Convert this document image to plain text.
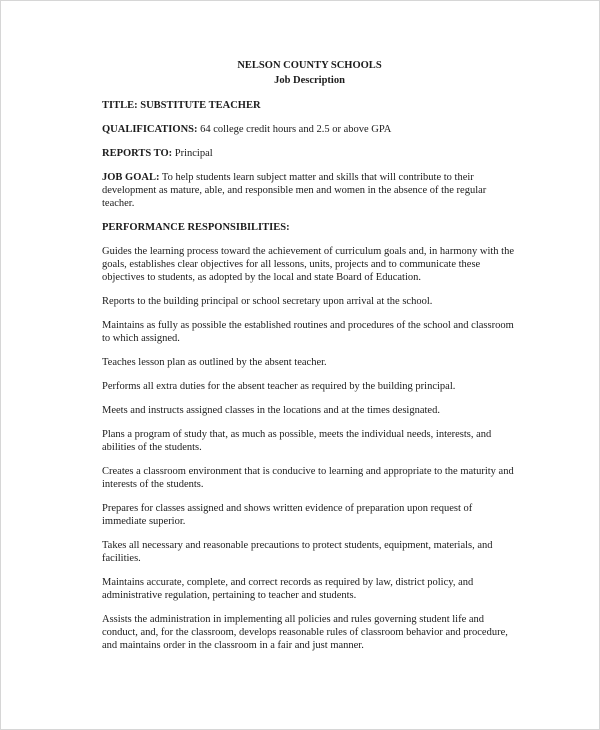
NELSON COUNTY SCHOOLS
Job Description

TITLE: SUBSTITUTE TEACHER

QUALIFICATIONS: 64 college credit hours and 2.5 or above GPA

REPORTS TO: Principal

JOB GOAL: To help students learn subject matter and skills that will contribute to their development as mature, able, and responsible men and women in the absence of the regular teacher.

PERFORMANCE RESPONSIBILITIES:

Guides the learning process toward the achievement of curriculum goals and, in harmony with the goals, establishes clear objectives for all lessons, units, projects and to communicate these objectives to students, as adopted by the local and state Board of Education.

Reports to the building principal or school secretary upon arrival at the school.

Maintains as fully as possible the established routines and procedures of the school and classroom to which assigned.

Teaches lesson plan as outlined by the absent teacher.

Performs all extra duties for the absent teacher as required by the building principal.

Meets and instructs assigned classes in the locations and at the times designated.

Plans a program of study that, as much as possible, meets the individual needs, interests, and abilities of the students.

Creates a classroom environment that is conducive to learning and appropriate to the maturity and interests of the students.

Prepares for classes assigned and shows written evidence of preparation upon request of immediate superior.

Takes all necessary and reasonable precautions to protect students, equipment, materials, and facilities.

Maintains accurate, complete, and correct records as required by law, district policy, and administrative regulation, pertaining to teacher and students.

Assists the administration in implementing all policies and rules governing student life and conduct, and, for the classroom, develops reasonable rules of classroom behavior and procedure, and maintains order in the classroom in a fair and just manner.
